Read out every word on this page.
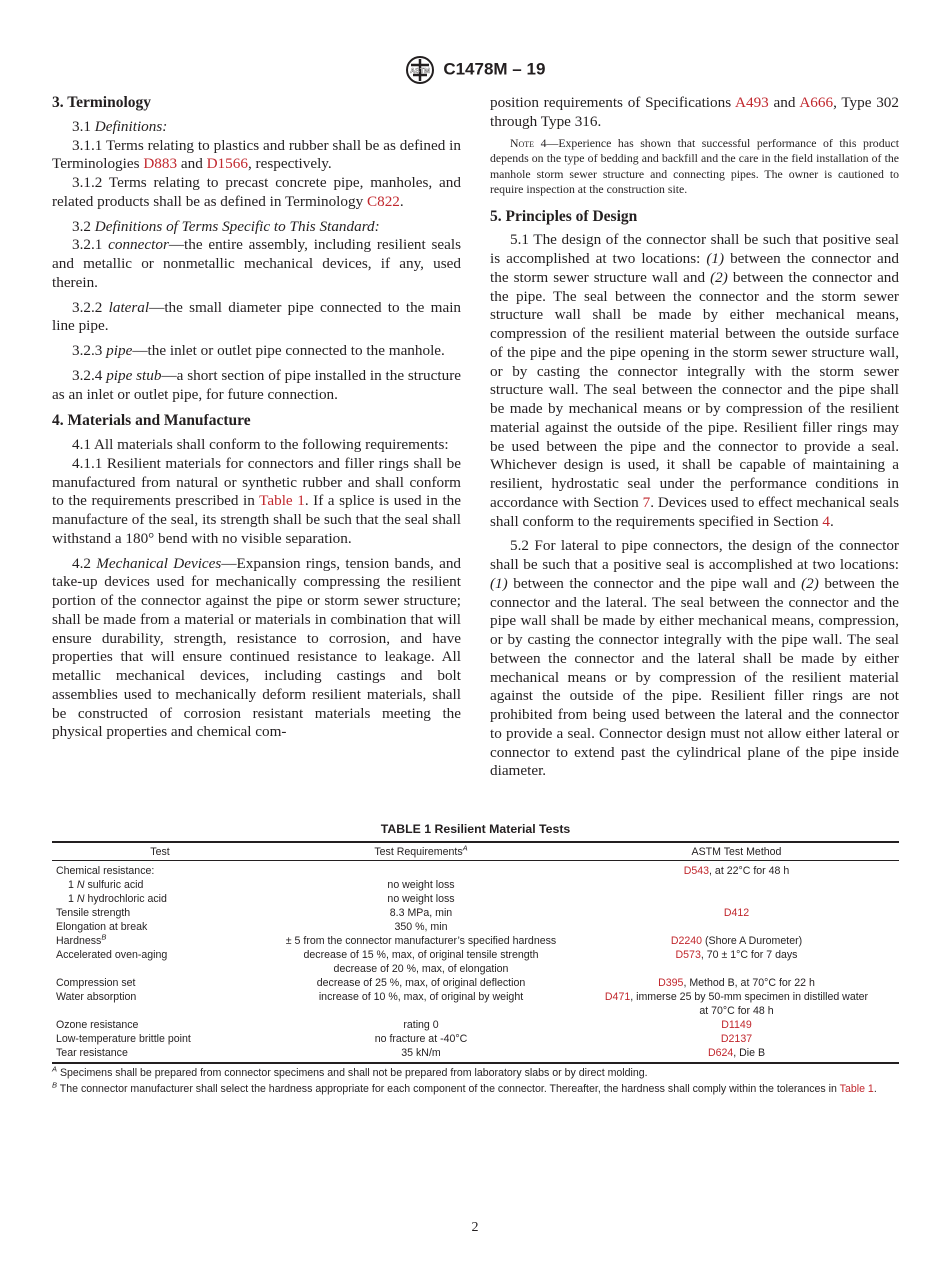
ASTM C1478M – 19
3. Terminology

3.1 Definitions:

3.1.1 Terms relating to plastics and rubber shall be as defined in Terminologies D883 and D1566, respectively.

3.1.2 Terms relating to precast concrete pipe, manholes, and related products shall be as defined in Terminology C822.

3.2 Definitions of Terms Specific to This Standard:

3.2.1 connector—the entire assembly, including resilient seals and metallic or nonmetallic mechanical devices, if any, used therein.

3.2.2 lateral—the small diameter pipe connected to the main line pipe.

3.2.3 pipe—the inlet or outlet pipe connected to the manhole.

3.2.4 pipe stub—a short section of pipe installed in the structure as an inlet or outlet pipe, for future connection.

4. Materials and Manufacture

4.1 All materials shall conform to the following requirements:

4.1.1 Resilient materials for connectors and filler rings shall be manufactured from natural or synthetic rubber and shall conform to the requirements prescribed in Table 1. If a splice is used in the manufacture of the seal, its strength shall be such that the seal shall withstand a 180° bend with no visible separation.

4.2 Mechanical Devices—Expansion rings, tension bands, and take-up devices used for mechanically compressing the resilient portion of the connector against the pipe or storm sewer structure; shall be made from a material or materials in combination that will ensure durability, strength, resistance to corrosion, and have properties that will ensure continued resistance to leakage. All metallic mechanical devices, including castings and bolt assemblies used to mechanically deform resilient materials, shall be constructed of corrosion resistant materials meeting the physical properties and chemical com-

position requirements of Specifications A493 and A666, Type 302 through Type 316.

Note 4—Experience has shown that successful performance of this product depends on the type of bedding and backfill and the care in the field installation of the manhole storm sewer structure and connecting pipes. The owner is cautioned to require inspection at the construction site.

5. Principles of Design

5.1 The design of the connector shall be such that positive seal is accomplished at two locations: (1) between the connector and the storm sewer structure wall and (2) between the connector and the pipe. The seal between the connector and the storm sewer structure wall shall be made by either mechanical means, compression of the resilient material between the outside surface of the pipe and the pipe opening in the storm sewer structure wall, or by casting the connector integrally with the storm sewer structure wall. The seal between the connector and the pipe shall be made by mechanical means or by compression of the resilient material against the outside of the pipe. Resilient filler rings may be used between the pipe and the connector to provide a seal. Whichever design is used, it shall be capable of maintaining a resilient, hydrostatic seal under the performance conditions in accordance with Section 7. Devices used to effect mechanical seals shall conform to the requirements specified in Section 4.

5.2 For lateral to pipe connectors, the design of the connector shall be such that a positive seal is accomplished at two locations: (1) between the connector and the pipe wall and (2) between the connector and the lateral. The seal between the connector and the pipe wall shall be made by either mechanical means, compression, or by casting the connector integrally with the pipe wall. The seal between the connector and the lateral shall be made by either mechanical means or by compression of the resilient material against the outside of the pipe. Resilient filler rings are not prohibited from being used between the lateral and the connector to provide a seal. Connector design must not allow either lateral or connector to extend past the cylindrical plane of the pipe inside diameter.

TABLE 1 Resilient Material Tests
Test	Test Requirements$^A$	ASTM Test Method
Chemical resistance:		D543, at 22°C for 48 h
1 N sulfuric acid	no weight loss	
1 N hydrochloric acid	no weight loss	
Tensile strength	8.3 MPa, min	D412
Elongation at break	350 %, min	
Hardness$^B$	± 5 from the connector manufacturer’s specified hardness	D2240 (Shore A Durometer)
Accelerated oven-aging	decrease of 15 %, max, of original tensile strength
decrease of 20 %, max, of elongation	D573, 70 ± 1°C for 7 days
Compression set	decrease of 25 %, max, of original deflection	D395, Method B, at 70°C for 22 h
Water absorption	increase of 10 %, max, of original by weight	D471, immerse 25 by 50-mm specimen in distilled water
at 70°C for 48 h
Ozone resistance	rating 0	D1149
Low-temperature brittle point	no fracture at -40°C	D2137
Tear resistance	35 kN/m	D624, Die B
$^A$ Specimens shall be prepared from connector specimens and shall not be prepared from laboratory slabs or by direct molding.
$^B$ The connector manufacturer shall select the hardness appropriate for each component of the connector. Thereafter, the hardness shall comply within the tolerances in Table 1.
2
